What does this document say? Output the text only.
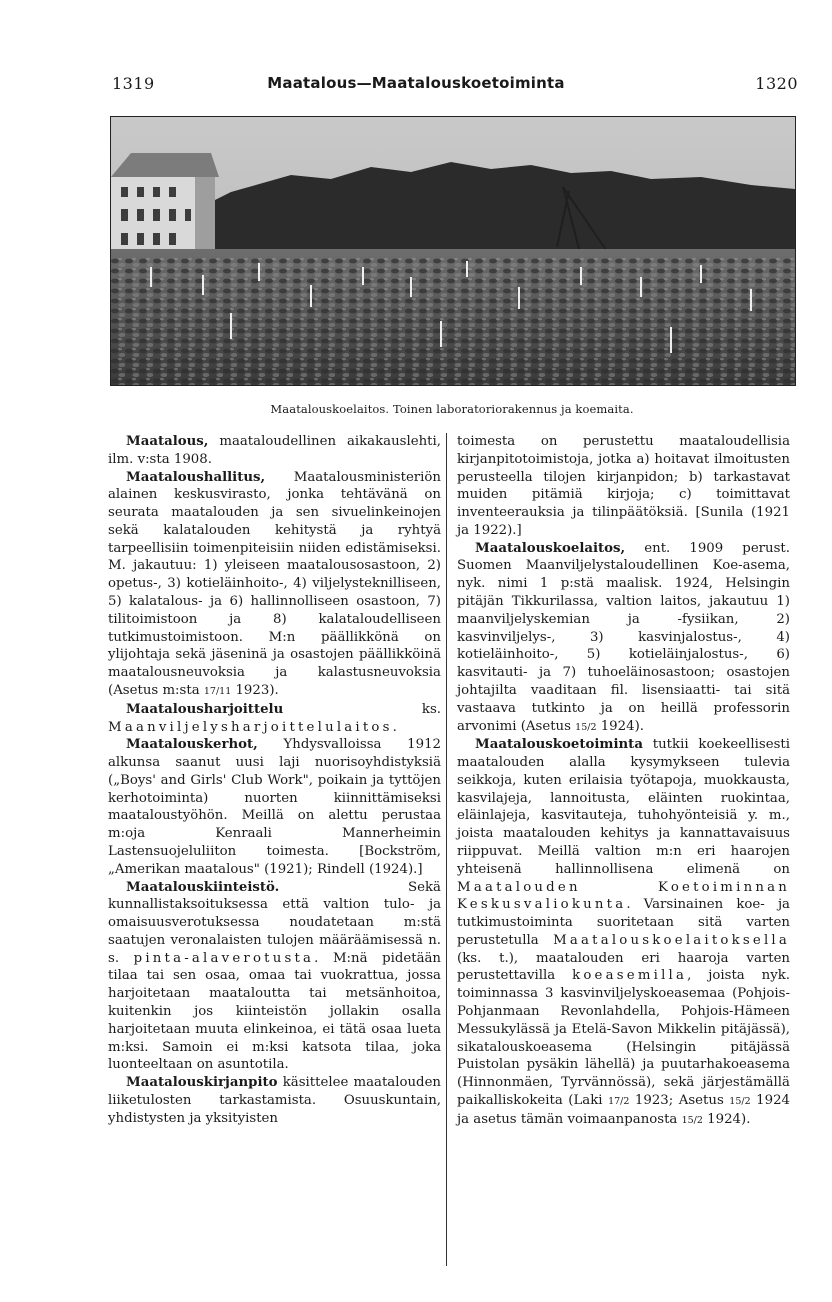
1319	Maatalous—Maatalouskoetoiminta	1320
Maatalouskoelaitos. Toinen laboratoriorakennus ja koemaita.

Maatalous, maataloudellinen aikakauslehti, ilm. v:sta 1908.

Maataloushallitus, Maatalousministeriön alainen keskusvirasto, jonka tehtävänä on seurata maatalouden ja sen sivuelinkeinojen sekä kalatalouden kehitystä ja ryhtyä tarpeellisiin toimenpiteisiin niiden edistämiseksi. M. jakautuu: 1) yleiseen maatalousosastoon, 2) opetus-, 3) kotieläinhoito-, 4) viljelysteknilliseen, 5) kalatalous- ja 6) hallinnolliseen osastoon, 7) tilitoimistoon ja 8) kalataloudelliseen tutkimustoimistoon. M:n päällikkönä on ylijohtaja sekä jäseninä ja osastojen päällikköinä maatalousneuvoksia ja kalastusneuvoksia (Asetus m:sta 17/11 1923).

Maatalousharjoittelu ks. Maanviljelysharjoittelulaitos.

Maatalouskerhot, Yhdysvalloissa 1912 alkunsa saanut uusi laji nuorisoyhdistyksiä („Boys' and Girls' Club Work", poikain ja tyttöjen kerhotoiminta) nuorten kiinnittämiseksi maataloustyöhön. Meillä on alettu perustaa m:oja Kenraali Mannerheimin Lastensuojeluliiton toimesta. [Bockström, „Amerikan maatalous" (1921); Rindell (1924).]

Maatalouskiinteistö. Sekä kunnallistaksoituksessa että valtion tulo- ja omaisuusverotuksessa noudatetaan m:stä saatujen veronalaisten tulojen määräämisessä n. s. pinta-alaverotusta. M:nä pidetään tilaa tai sen osaa, omaa tai vuokrattua, jossa harjoitetaan maataloutta tai metsänhoitoa, kuitenkin jos kiinteistön jollakin osalla harjoitetaan muuta elinkeinoa, ei tätä osaa lueta m:ksi. Samoin ei m:ksi katsota tilaa, joka luonteeltaan on asuntotila.

Maatalouskirjanpito käsittelee maatalouden liiketulosten tarkastamista. Osuuskuntain, yhdistysten ja yksityisten

toimesta on perustettu maataloudellisia kirjanpitotoimistoja, jotka a) hoitavat ilmoitusten perusteella tilojen kirjanpidon; b) tarkastavat muiden pitämiä kirjoja; c) toimittavat inventeerauksia ja tilinpäätöksiä. [Sunila (1921 ja 1922).]

Maatalouskoelaitos, ent. 1909 perust. Suomen Maanviljelystaloudellinen Koe-asema, nyk. nimi 1 p:stä maalisk. 1924, Helsingin pitäjän Tikkurilassa, valtion laitos, jakautuu 1) maanviljelyskemian ja -fysiikan, 2) kasvinviljelys-, 3) kasvinjalostus-, 4) kotieläinhoito-, 5) kotieläinjalostus-, 6) kasvitauti- ja 7) tuhoeläinosastoon; osastojen johtajilta vaaditaan fil. lisensiaatti- tai sitä vastaava tutkinto ja on heillä professorin arvonimi (Asetus 15/2 1924).

Maatalouskoetoiminta tutkii koekeellisesti maatalouden alalla kysymykseen tulevia seikkoja, kuten erilaisia työtapoja, muokkausta, kasvilajeja, lannoitusta, eläinten ruokintaa, eläinlajeja, kasvitauteja, tuhohyönteisiä y. m., joista maatalouden kehitys ja kannattavaisuus riippuvat. Meillä valtion m:n eri haarojen yhteisenä hallinnollisena elimenä on Maatalouden Koetoiminnan Keskusvaliokunta. Varsinainen koe- ja tutkimustoiminta suoritetaan sitä varten perustetulla Maatalouskoelaitoksella (ks. t.), maatalouden eri haaroja varten perustettavilla koeasemilla, joista nyk. toiminnassa 3 kasvinviljelyskoeasemaa (Pohjois-Pohjanmaan Revonlahdella, Pohjois-Hämeen Messukylässä ja Etelä-Savon Mikkelin pitäjässä), sikatalouskoeasema (Helsingin pitäjässä Puistolan pysäkin lähellä) ja puutarhakoeasema (Hinnonmäen, Tyrvännössä), sekä järjestämällä paikalliskokeita (Laki 17/2 1923; Asetus 15/2 1924 ja asetus tämän voimaanpanosta 15/2 1924).
